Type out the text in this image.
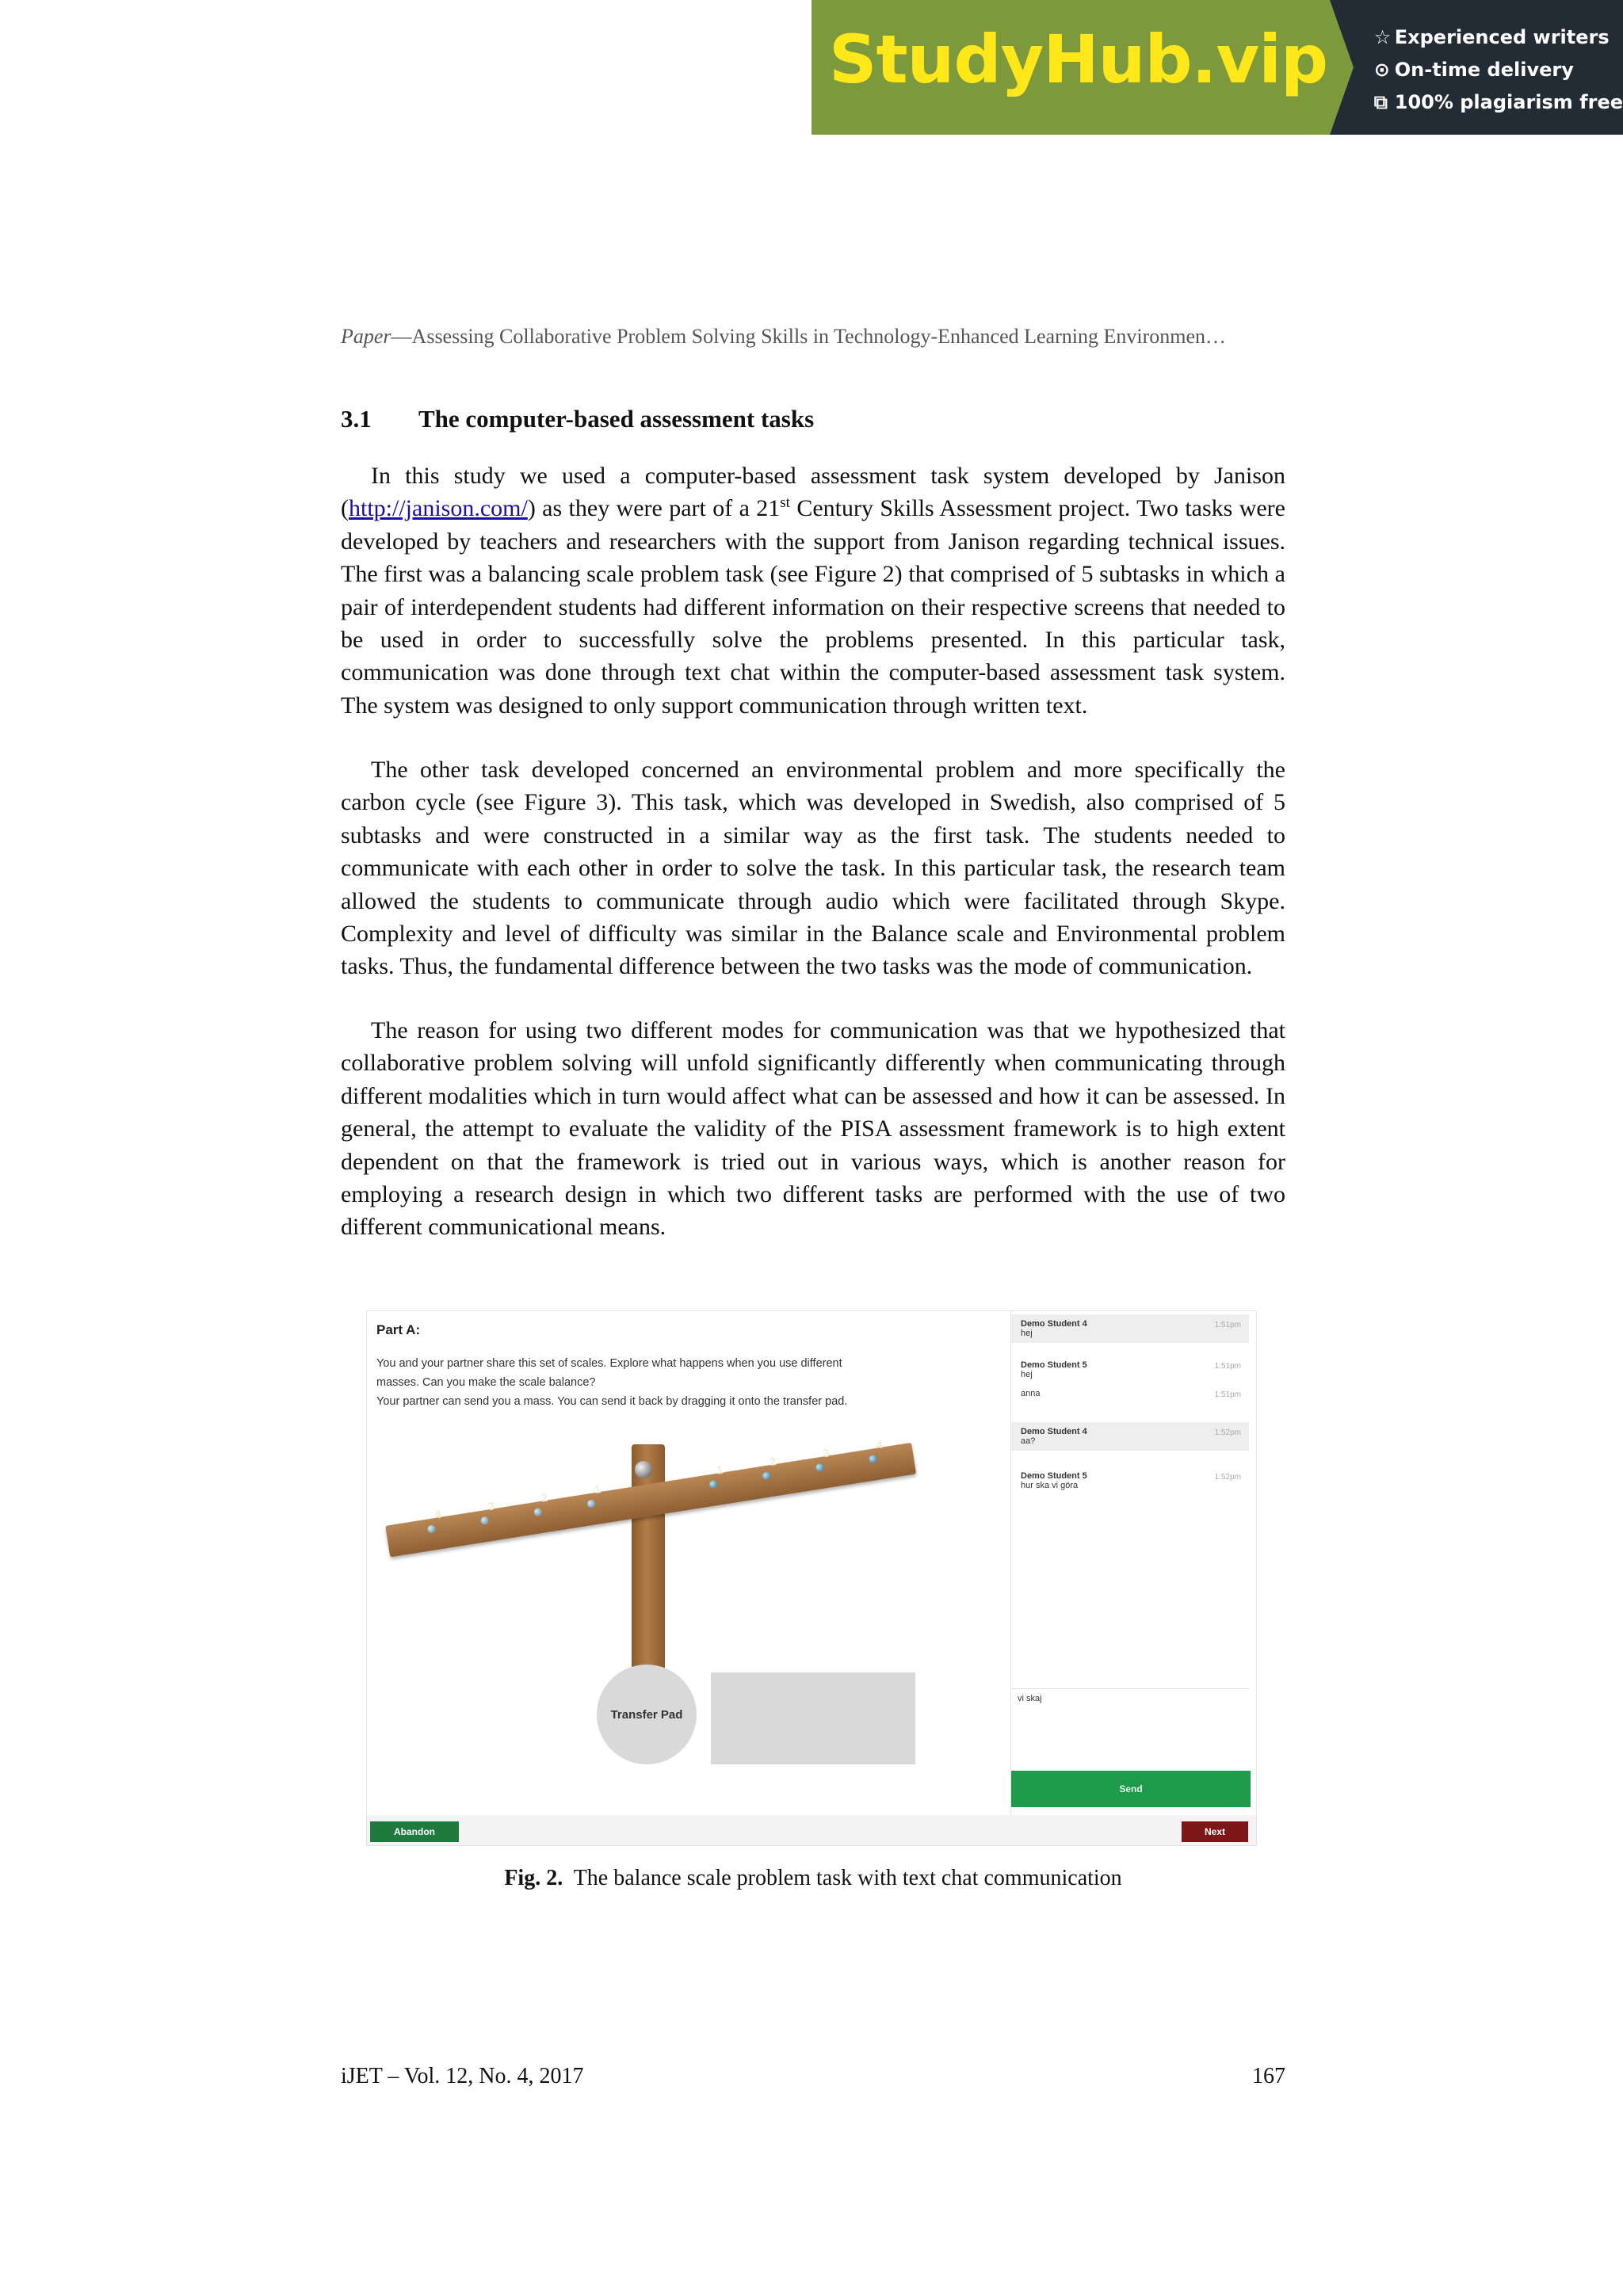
StudyHub.vip ☆ Experienced writers
⊙ On-time delivery
⧉ 100% plagiarism free
Paper—Assessing Collaborative Problem Solving Skills in Technology-Enhanced Learning Environmen…
3.1 The computer-based assessment tasks

In this study we used a computer-based assessment task system developed by Janison (http://janison.com/) as they were part of a 21st Century Skills Assessment project. Two tasks were developed by teachers and researchers with the support from Janison regarding technical issues. The first was a balancing scale problem task (see Figure 2) that comprised of 5 subtasks in which a pair of interdependent students had different information on their respective screens that needed to be used in order to successfully solve the problems presented. In this particular task, communication was done through text chat within the computer-based assessment task system. The system was designed to only support communication through written text.

The other task developed concerned an environmental problem and more specifically the carbon cycle (see Figure 3). This task, which was developed in Swedish, also comprised of 5 subtasks and were constructed in a similar way as the first task. The students needed to communicate with each other in order to solve the task. In this particular task, the research team allowed the students to communicate through audio which were facilitated through Skype. Complexity and level of difficulty was similar in the Balance scale and Environmental problem tasks. Thus, the fundamental difference between the two tasks was the mode of communication.

The reason for using two different modes for communication was that we hypothesized that collaborative problem solving will unfold significantly differently when communicating through different modalities which in turn would affect what can be assessed and how it can be assessed. In general, the attempt to evaluate the validity of the PISA assessment framework is to high extent dependent on that the framework is tried out in various ways, which is another reason for employing a research design in which two different tasks are performed with the use of two different communicational means.

Part A:
You and your partner share this set of scales. Explore what happens when you use different
masses. Can you make the scale balance?
Your partner can send you a mass. You can send it back by dragging it onto the transfer pad.
4
3
2
1
1
2
3
4
Transfer Pad
Demo Student 4
hej
1:51pm
Demo Student 5
hej
1:51pm
anna	1:51pm
Demo Student 4
aa?
1:52pm
Demo Student 5
hur ska vi göra
1:52pm
vi skaj
Send
Abandon	Next
Fig. 2. The balance scale problem task with text chat communication
iJET – Vol. 12, No. 4, 2017	167
